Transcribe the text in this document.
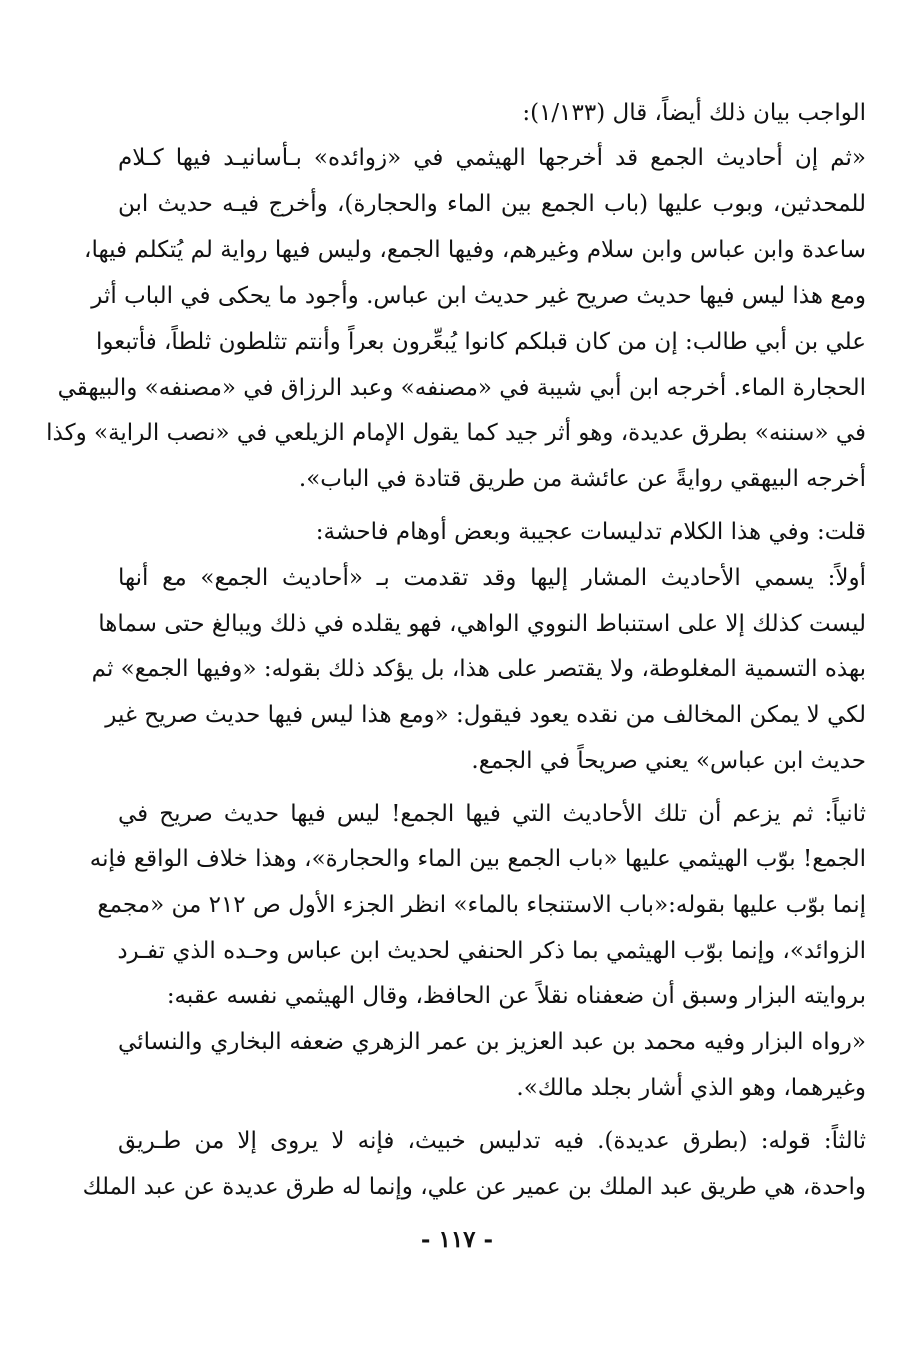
الواجب بيان ذلك أيضاً، قال (١/١٣٣):
«ثم إن أحاديث الجمع قد أخرجها الهيثمي في «زوائده» بـأسانيـد فيها كـلام
للمحدثين، وبوب عليها (باب الجمع بين الماء والحجارة)، وأخرج فيـه حديث ابن
ساعدة وابن عباس وابن سلام وغيرهم، وفيها الجمع، وليس فيها رواية لم يُتكلم فيها،
ومع هذا ليس فيها حديث صريح غير حديث ابن عباس. وأجود ما يحكى في الباب أثر
علي بن أبي طالب: إن من كان قبلكم كانوا يُبعِّرون بعراً وأنتم تثلطون ثلطاً، فأتبعوا
الحجارة الماء. أخرجه ابن أبي شيبة في «مصنفه» وعبد الرزاق في «مصنفه» والبيهقي
في «سننه» بطرق عديدة، وهو أثر جيد كما يقول الإمام الزيلعي في «نصب الراية» وكذا
أخرجه البيهقي روايةً عن عائشة من طريق قتادة في الباب».
قلت: وفي هذا الكلام تدليسات عجيبة وبعض أوهام فاحشة:
أولاً: يسمي الأحاديث المشار إليها وقد تقدمت بـ «أحاديث الجمع» مع أنها
ليست كذلك إلا على استنباط النووي الواهي، فهو يقلده في ذلك ويبالغ حتى سماها
بهذه التسمية المغلوطة، ولا يقتصر على هذا، بل يؤكد ذلك بقوله: «وفيها الجمع» ثم
لكي لا يمكن المخالف من نقده يعود فيقول: «ومع هذا ليس فيها حديث صريح غير
حديث ابن عباس» يعني صريحاً في الجمع.
ثانياً: ثم يزعم أن تلك الأحاديث التي فيها الجمع! ليس فيها حديث صريح في
الجمع! بوّب الهيثمي عليها «باب الجمع بين الماء والحجارة»، وهذا خلاف الواقع فإنه
إنما بوّب عليها بقوله:«باب الاستنجاء بالماء» انظر الجزء الأول ص ٢١٢ من «مجمع
الزوائد»، وإنما بوّب الهيثمي بما ذكر الحنفي لحديث ابن عباس وحـده الذي تفـرد
بروايته البزار وسبق أن ضعفناه نقلاً عن الحافظ، وقال الهيثمي نفسه عقبه:
«رواه البزار وفيه محمد بن عبد العزيز بن عمر الزهري ضعفه البخاري والنسائي
وغيرهما، وهو الذي أشار بجلد مالك».
ثالثاً: قوله: (بطرق عديدة). فيه تدليس خبيث، فإنه لا يروى إلا من طـريق
واحدة، هي طريق عبد الملك بن عمير عن علي، وإنما له طرق عديدة عن عبد الملك
- ١١٧ -
